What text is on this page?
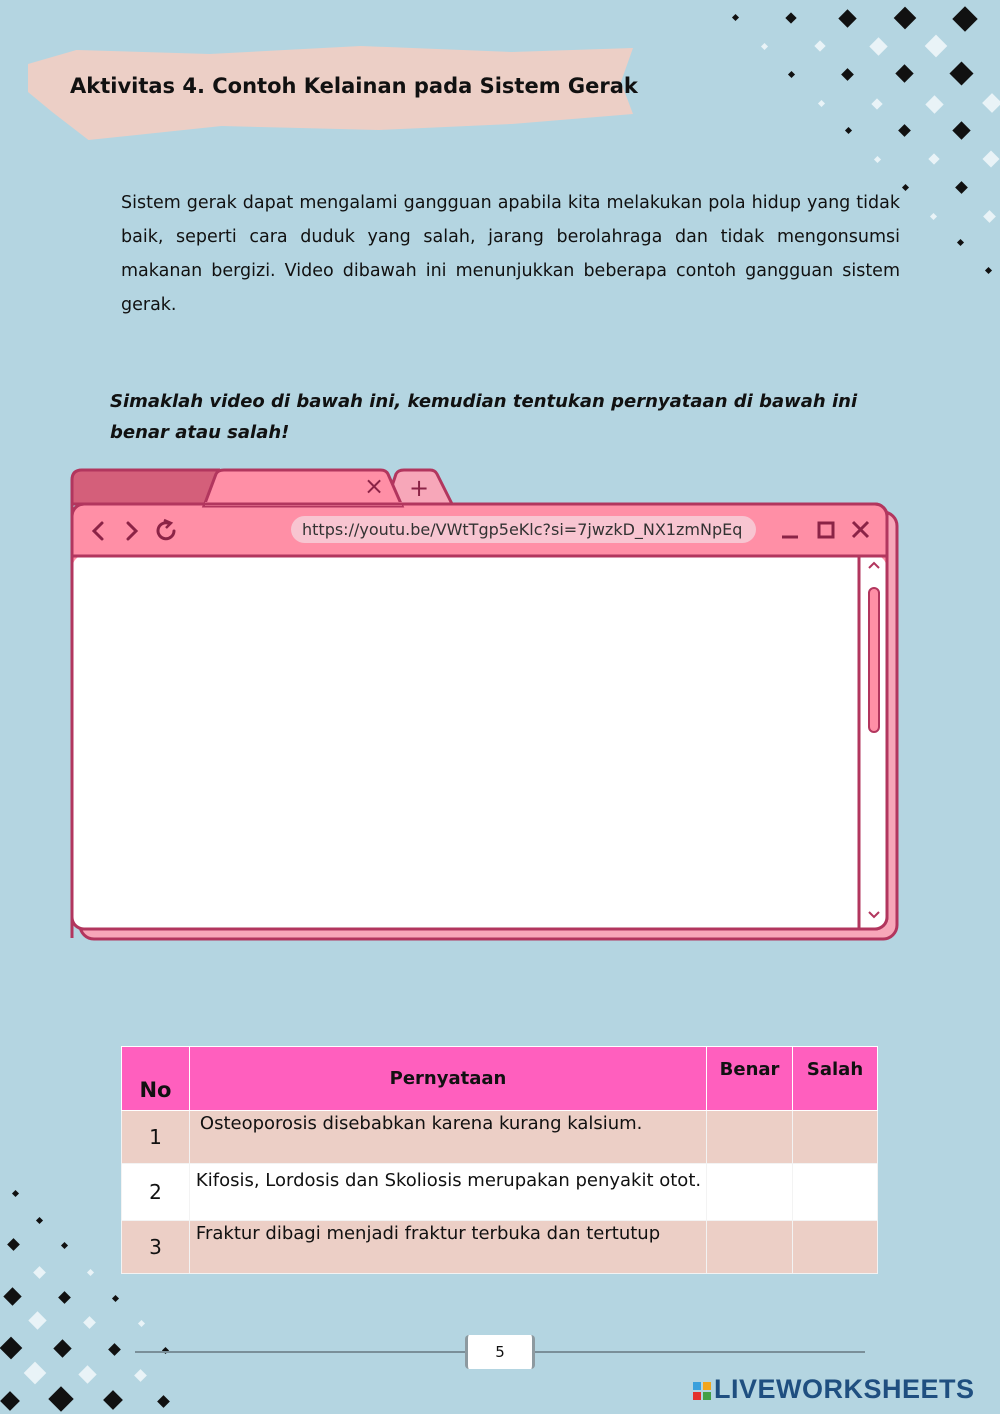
Aktivitas 4. Contoh Kelainan pada Sistem Gerak

Sistem gerak dapat mengalami gangguan apabila kita melakukan pola hidup yang tidak baik, seperti cara duduk yang salah, jarang berolahraga dan tidak mengonsumsi makanan bergizi. Video dibawah ini menunjukkan beberapa contoh gangguan sistem gerak.

Simaklah video di bawah ini, kemudian tentukan pernyataan di bawah ini benar atau salah!

× +
https://youtu.be/VWtTgp5eKlc?si=7jwzkD_NX1zmNpEq
No	Pernyataan	Benar	Salah
1	Osteoporosis disebabkan karena kurang kalsium.		
2	Kifosis, Lordosis dan Skoliosis merupakan penyakit otot.		
3	Fraktur dibagi menjadi fraktur terbuka dan tertutup		
5

LIVEWORKSHEETS
